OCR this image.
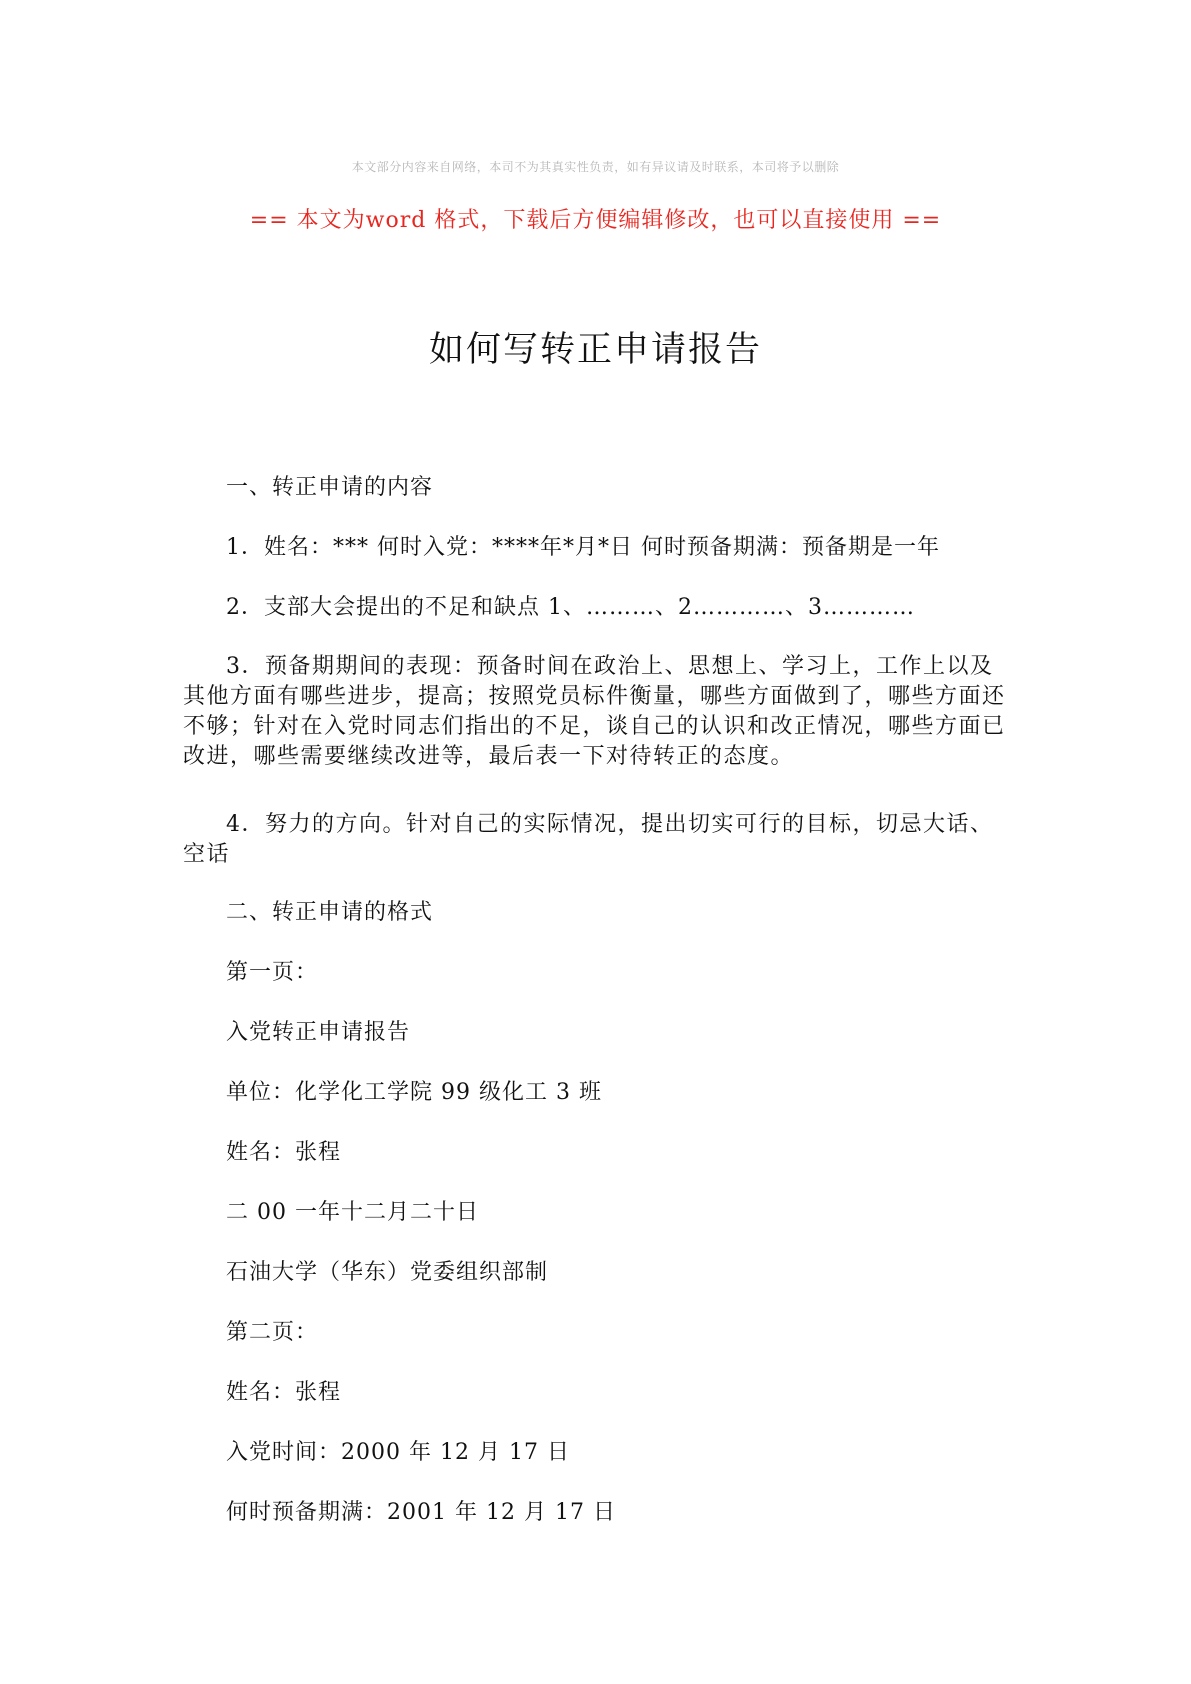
本文部分内容来自网络，本司不为其真实性负责，如有异议请及时联系，本司将予以删除
== 本文为word 格式，下载后方便编辑修改，也可以直接使用 ==
如何写转正申请报告
一、转正申请的内容
1．姓名：*** 何时入党：****年*月*日 何时预备期满：预备期是一年
2．支部大会提出的不足和缺点 1、………、2…………、3…………
3．预备期期间的表现：预备时间在政治上、思想上、学习上，工作上以及其他方面有哪些进步，提高；按照党员标件衡量，哪些方面做到了，哪些方面还不够；针对在入党时同志们指出的不足，谈自己的认识和改正情况，哪些方面已改进，哪些需要继续改进等，最后表一下对待转正的态度。
4．努力的方向。针对自己的实际情况，提出切实可行的目标，切忌大话、空话
二、转正申请的格式
第一页：
入党转正申请报告
单位：化学化工学院 99 级化工 3 班
姓名：张程
二 00 一年十二月二十日
石油大学（华东）党委组织部制
第二页：
姓名：张程
入党时间：2000 年 12 月 17 日
何时预备期满：2001 年 12 月 17 日
